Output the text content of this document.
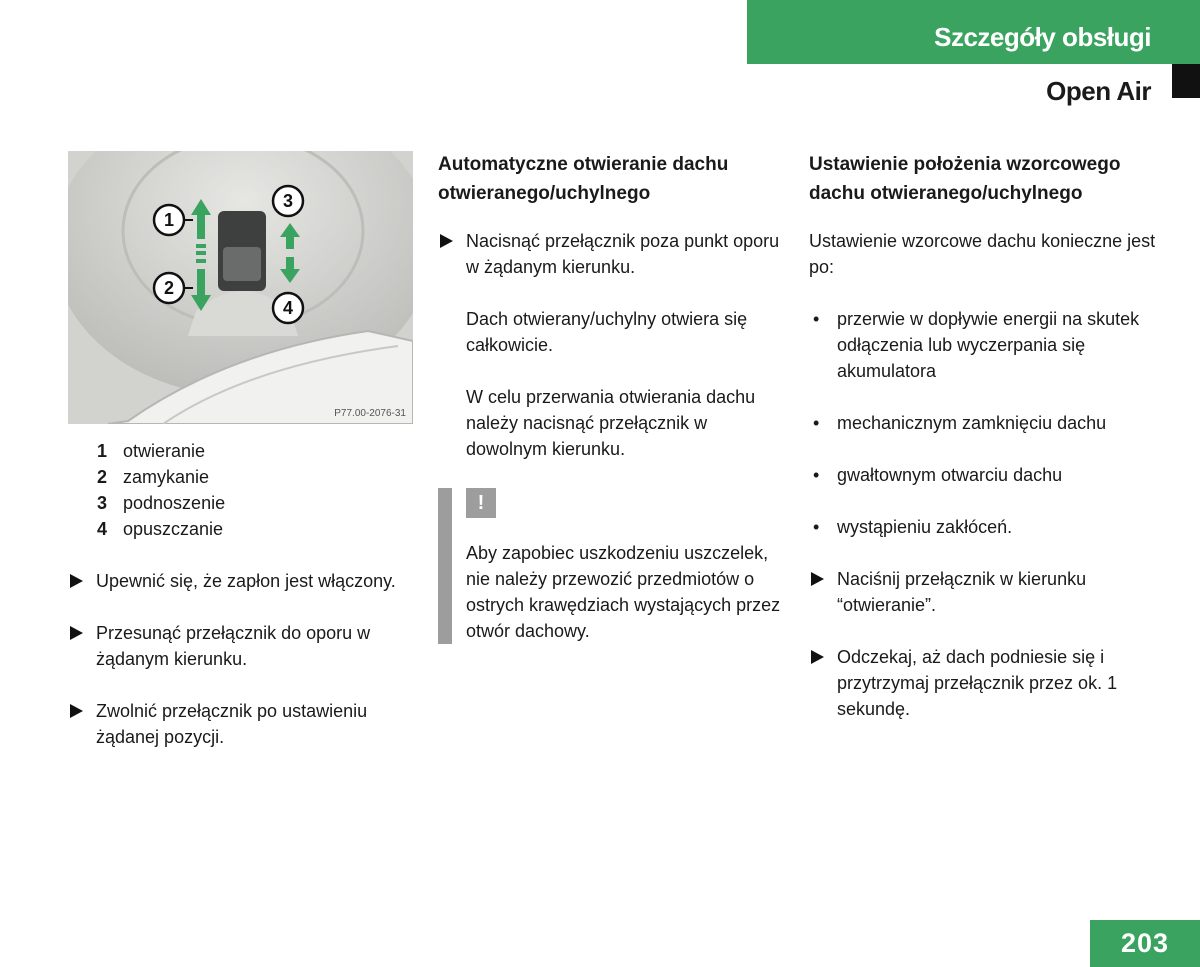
Szczegóły obsługi
Open Air
1
2
3
4
P77.00-2076-31
1 otwieranie
2 zamykanie
3 podnoszenie
4 opuszczanie
Upewnić się, że zapłon jest włączony.
Przesunąć przełącznik do oporu w żądanym kierunku.
Zwolnić przełącznik po ustawieniu żądanej pozycji.
Automatyczne otwieranie dachu otwieranego/uchylnego
Nacisnąć przełącznik poza punkt oporu w żądanym kierunku.
Dach otwierany/uchylny otwiera się całkowicie.
W celu przerwania otwierania dachu należy nacisnąć przełącznik w dowolnym kierunku.
!
Aby zapobiec uszkodzeniu uszczelek, nie należy przewozić przedmiotów o ostrych krawędziach wystających przez otwór dachowy.
Ustawienie położenia wzorcowego dachu otwieranego/uchylnego
Ustawienie wzorcowe dachu konieczne jest po:
• przerwie w dopływie energii na skutek odłączenia lub wyczerpania się akumulatora
• mechanicznym zamknięciu dachu
• gwałtownym otwarciu dachu
• wystąpieniu zakłóceń.
Naciśnij przełącznik w kierunku “otwieranie”.
Odczekaj, aż dach podniesie się i przytrzymaj przełącznik przez ok. 1 sekundę.
203
